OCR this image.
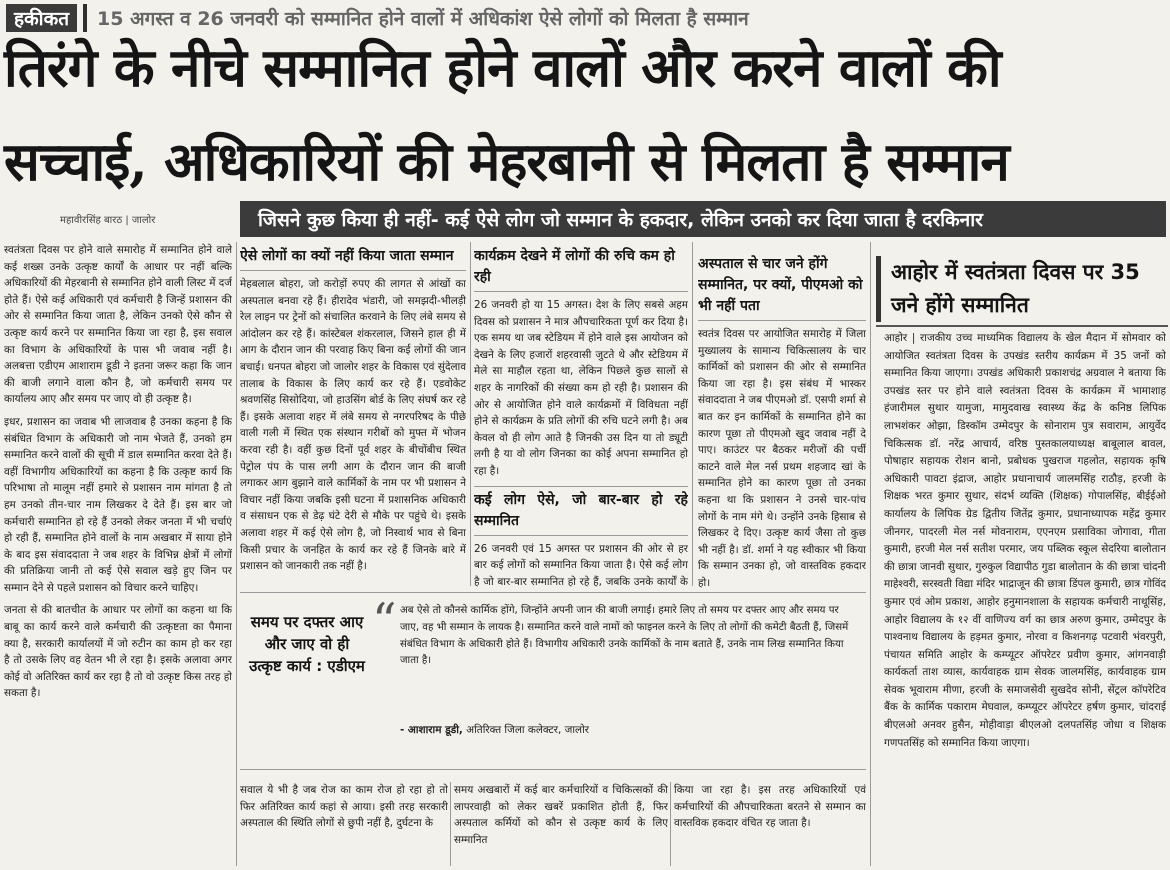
हकीकत	15 अगस्त व 26 जनवरी को सम्मानित होने वालों में अधिकांश ऐसे लोगों को मिलता है सम्मान
तिरंगे के नीचे सम्मानित होने वालों और करने वालों की
सच्चाई, अधिकारियों की मेहरबानी से मिलता है सम्मान
महावीरसिंह बारठ | जालोर	जिसने कुछ किया ही नहीं- कई ऐसे लोग जो सम्मान के हकदार, लेकिन उनको कर दिया जाता है दरकिनार

स्वतंत्रता दिवस पर होने वाले समारोह में सम्मानित होने वाले कई शख्स उनके उत्कृष्ट कार्यों के आधार पर नहीं बल्कि अधिकारियों की मेहरबानी से सम्मानित होने वाली लिस्ट में दर्ज होते हैं। ऐसे कई अधिकारी एवं कर्मचारी है जिन्हें प्रशासन की ओर से सम्मानित किया जाता है, लेकिन उनको ऐसे कौन से उत्कृष्ट कार्य करने पर सम्मानित किया जा रहा है, इस सवाल का विभाग के अधिकारियों के पास भी जवाब नहीं है। अलबत्ता एडीएम आशाराम डूडी ने इतना जरूर कहा कि जान की बाजी लगाने वाला कौन है, जो कर्मचारी समय पर कार्यालय आए और समय पर जाए वो ही उत्कृष्ट है।

इधर, प्रशासन का जवाब भी लाजवाब है उनका कहना है कि संबंधित विभाग के अधिकारी जो नाम भेजते हैं, उनको हम सम्मानित करने वालों की सूची में डाल सम्मानित करवा देते हैं। वहीं विभागीय अधिकारियों का कहना है कि उत्कृष्ट कार्य कि परिभाषा तो मालूम नहीं हमारे से प्रशासन नाम मांगता है तो हम उनको तीन-चार नाम लिखकर दे देते हैं। इस बार जो कर्मचारी सम्मानित हो रहे हैं उनको लेकर जनता में भी चर्चाएं हो रही हैं, सम्मानित होने वालों के नाम अखबार में साया होने के बाद इस संवाददाता ने जब शहर के विभिन्न क्षेत्रों में लोगों की प्रतिक्रिया जानी तो कई ऐसे सवाल खड़े हुए जिन पर सम्मान देने से पहले प्रशासन को विचार करने चाहिए।

जनता से की बातचीत के आधार पर लोगों का कहना था कि बाबू का कार्य करने वाले कर्मचारी की उत्कृष्टता का पैमाना क्या है, सरकारी कार्यालयों में जो रुटीन का काम हो कर रहा है तो उसके लिए वह वेतन भी ले रहा है। इसके अलावा अगर कोई वो अतिरिक्त कार्य कर रहा है तो वो उत्कृष्ट किस तरह हो सकता है।

ऐसे लोगों का क्यों नहीं किया जाता सम्मान

मेहबलाल बोहरा, जो करोड़ों रुपए की लागत से आंखों का अस्पताल बनवा रहे हैं। हीरादेव भंडारी, जो समझदी-भीलड़ी रेल लाइन पर ट्रेनों को संचालित करवाने के लिए लंबे समय से आंदोलन कर रहे हैं। कांस्टेबल शंकरलाल, जिसने हाल ही में आग के दौरान जान की परवाह किए बिना कई लोगों की जान बचाई। धनपत बोहरा जो जालोर शहर के विकास एवं सुंदेलाव तालाब के विकास के लिए कार्य कर रहे हैं। एडवोकेट श्रवणसिंह सिसोदिया, जो हाउसिंग बोर्ड के लिए संघर्ष कर रहे हैं। इसके अलावा शहर में लंबे समय से नगरपरिषद के पीछे वाली गली में स्थित एक संस्थान गरीबों को मुफ्त में भोजन करवा रही है। वहीं कुछ दिनों पूर्व शहर के बीचोंबीच स्थित पेट्रोल पंप के पास लगी आग के दौरान जान की बाजी लगाकर आग बुझाने वाले कार्मिकों के नाम पर भी प्रशासन ने विचार नहीं किया जबकि इसी घटना में प्रशासनिक अधिकारी व संसाधन एक से डेढ़ घंटे देरी से मौके पर पहुंचे थे। इसके अलावा शहर में कई ऐसे लोग है, जो निस्वार्थ भाव से बिना किसी प्रचार के जनहित के कार्य कर रहे हैं जिनके बारे में प्रशासन को जानकारी तक नहीं है।

कार्यक्रम देखने में लोगों की रुचि कम हो रही

26 जनवरी हो या 15 अगस्त। देश के लिए सबसे अहम दिवस को प्रशासन ने मात्र औपचारिकता पूर्ण कर दिया है। एक समय था जब स्टेडियम में होने वाले इस आयोजन को देखने के लिए हजारों शहरवासी जुटते थे और स्टेडियम में मेले सा माहौल रहता था, लेकिन पिछले कुछ सालों से शहर के नागरिकों की संख्या कम हो रही है। प्रशासन की ओर से आयोजित होने वाले कार्यक्रमों में विविधता नहीं होने से कार्यक्रम के प्रति लोगों की रुचि घटने लगी है। अब केवल वो ही लोग आते है जिनकी उस दिन या तो ड्यूटी लगी है या वो लोग जिनका का कोई अपना सम्मानित हो रहा है।

कई लोग ऐसे, जो बार-बार हो रहे सम्मानित

26 जनवरी एवं 15 अगस्त पर प्रशासन की ओर से हर बार कई लोगों को सम्मानित किया जाता है। ऐसे कई लोग है जो बार-बार सम्मानित हो रहे हैं, जबकि उनके कार्यों के

अस्पताल से चार जने होंगे सम्मानित, पर क्यों, पीएमओ को भी नहीं पता

स्वतंत्र दिवस पर आयोजित समारोह में जिला मुख्यालय के सामान्य चिकित्सालय के चार कार्मिकों को प्रशासन की ओर से सम्मानित किया जा रहा है। इस संबंध में भास्कर संवाददाता ने जब पीएमओ डॉ. एसपी शर्मा से बात कर इन कार्मिकों के सम्मानित होने का कारण पूछा तो पीएमओ खुद जवाब नहीं दे पाए। काउंटर पर बैठकर मरीजों की पर्ची काटने वाले मेल नर्स प्रथम शहजाद खां के सम्मानित होने का कारण पूछा तो उनका कहना था कि प्रशासन ने उनसे चार-पांच लोगों के नाम मंगे थे। उन्होंने उनके हिसाब से लिखकर दे दिए। उत्कृष्ट कार्य जैसा तो कुछ भी नहीं है। डॉ. शर्मा ने यह स्वीकार भी किया कि सम्मान उनका हो, जो वास्तविक हकदार हो।

आहोर में स्वतंत्रता दिवस पर 35 जने होंगे सम्मानित
आहोर | राजकीय उच्च माध्यमिक विद्यालय के खेल मैदान में सोमवार को आयोजित स्वतंत्रता दिवस के उपखंड स्तरीय कार्यक्रम में 35 जनों को सम्मानित किया जाएगा। उपखंड अधिकारी प्रकाशचंद्र अग्रवाल ने बताया कि उपखंड स्तर पर होने वाले स्वतंत्रता दिवस के कार्यक्रम में भामाशाह हंजारीमल सुथार यामुजा, मामुदवाख स्वास्थ्य केंद्र के कनिष्ठ लिपिक लाभशंकर ओझा, डिस्कॉम उम्मेदपुर के सोनाराम पुत्र सवाराम, आयुर्वेद चिकित्सक डॉ. नरेंद्र आचार्य, वरिष्ठ पुस्तकालयाध्यक्ष बाबूलाल बावल, पोषाहार सहायक रोशन बानो, प्रबोधक पुखराज गहलोत, सहायक कृषि अधिकारी पावटा इंद्राज, आहोर प्रधानाचार्य जालमसिंह राठौड़, हरजी के शिक्षक भरत कुमार सुथार, संदर्भ व्यक्ति (शिक्षक) गोपालसिंह, बीईईओ कार्यालय के लिपिक ग्रेड द्वितीय जितेंद्र कुमार, प्रधानाध्यापक महेंद्र कुमार जीनगर, पादरली मेल नर्स मोवनाराम, एएनएम प्रसाविका जोगावा, गीता कुमारी, हरजी मेल नर्स सतीश परमार, जय पब्लिक स्कूल सेदरिया बालोतान की छात्रा जानवी सुथार, गुरुकुल विद्यापीठ गुडा बालोतान के की छात्रा चांदनी माहेश्वरी, सरस्वती विद्या मंदिर भाद्राजून की छात्रा डिंपल कुमारी, छात्र गोविंद कुमार एवं ओम प्रकाश, आहोर हनुमानशाला के सहायक कर्मचारी नाथूसिंह, आहोर विद्यालय के १२ वीं वाणिज्य वर्ग का छात्र अरुण कुमार, उम्मेदपुर के पाश्वनाथ विद्यालय के हड़मत कुमार, नोरवा व किशनगढ़ पटवारी भंवरपुरी, पंचायत समिति आहोर के कम्प्यूटर ऑपरेटर प्रवीण कुमार, आंगनवाड़ी कार्यकर्ता ताश व्यास, कार्यवाहक ग्राम सेवक जालमसिंह, कार्यवाहक ग्राम सेवक भूवाराम मीणा, हरजी के समाजसेवी सुखदेव सोनी, सेंट्रल कॉपरेटिव बैंक के कार्मिक पकाराम मेघवाल, कम्प्यूटर ऑपरेटर हर्षण कुमार, चांदराई बीएलओ अनवर हुसैन, मोहीवाड़ा बीएलओ दलपतसिंह जोधा व शिक्षक गणपतसिंह को सम्मानित किया जाएगा।
समय पर दफ्तर आए और जाए वो ही उत्कृष्ट कार्य : एडीएम
“ अब ऐसे तो कौनसे कार्मिक होंगे, जिन्होंने अपनी जान की बाजी लगाई। हमारे लिए तो समय पर दफ्तर आए और समय पर जाए, वह भी सम्मान के लायक है। सम्मानित करने वाले नामों को फाइनल करने के लिए तो लोगों की कमेटी बैठती हैं, जिसमें संबंधित विभाग के अधिकारी होते हैं। विभागीय अधिकारी उनके कार्मिकों के नाम बताते हैं, उनके नाम लिख सम्मानित किया जाता है।
- आशाराम डूडी, अतिरिक्त जिला कलेक्टर, जालोर
सवाल ये भी है जब रोज का काम रोज हो रहा हो तो फिर अतिरिक्त कार्य कहां से आया। इसी तरह सरकारी अस्पताल की स्थिति लोगों से छुपी नहीं है, दुर्घटना के
समय अखबारों में कई बार कर्मचारियों व चिकित्सकों की लापरवाही को लेकर खबरें प्रकाशित होती हैं, फिर अस्पताल कर्मियों को कौन से उत्कृष्ट कार्य के लिए सम्मानित
किया जा रहा है। इस तरह अधिकारियों एवं कर्मचारियों की औपचारिकता बरतने से सम्मान का वास्तविक हकदार वंचित रह जाता है।
